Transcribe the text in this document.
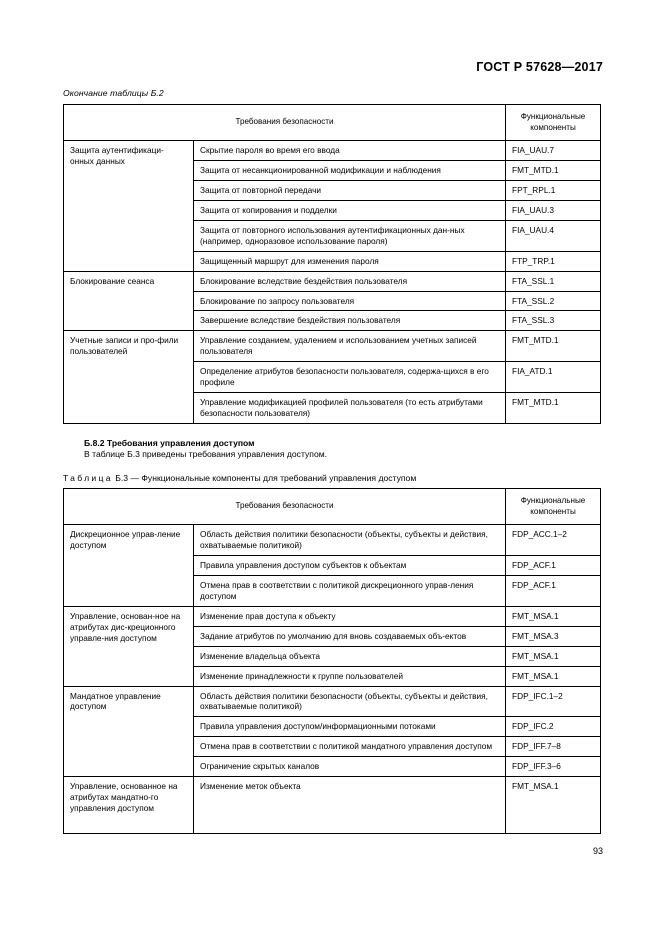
ГОСТ Р 57628—2017

Окончание таблицы Б.2

Требования безопасности		Функциональные компоненты
Защита аутентификаци-онных данных	Скрытие пароля во время его ввода	FIA_UAU.7
	Защита от несанкционированной модификации и наблюдения	FMT_MTD.1
	Защита от повторной передачи	FPT_RPL.1
	Защита от копирования и подделки	FIA_UAU.3
	Защита от повторного использования аутентификационных дан-ных (например, одноразовое использование пароля)	FIA_UAU.4
	Защищенный маршрут для изменения пароля	FTP_TRP.1
Блокирование сеанса	Блокирование вследствие бездействия пользователя	FTA_SSL.1
	Блокирование по запросу пользователя	FTA_SSL.2
	Завершение вследствие бездействия пользователя	FTA_SSL.3
Учетные записи и про-фили пользователей	Управление созданием, удалением и использованием учетных записей пользователя	FMT_MTD.1
	Определение атрибутов безопасности пользователя, содержа-щихся в его профиле	FIA_ATD.1
	Управление модификацией профилей пользователя (то есть атрибутами безопасности пользователя)	FMT_MTD.1

Б.8.2 Требования управления доступом

В таблице Б.3 приведены требования управления доступом.

Таблица Б.3 — Функциональные компоненты для требований управления доступом

Требования безопасности		Функциональные компоненты
Дискреционное управ-ление доступом	Область действия политики безопасности (объекты, субъекты и действия, охватываемые политикой)	FDP_ACC.1–2
	Правила управления доступом субъектов к объектам	FDP_ACF.1
	Отмена прав в соответствии с политикой дискреционного управ-ления доступом	FDP_ACF.1
Управление, основан-ное на атрибутах дис-креционного управле-ния доступом	Изменение прав доступа к объекту	FMT_MSA.1
	Задание атрибутов по умолчанию для вновь создаваемых объ-ектов	FMT_MSA.3
	Изменение владельца объекта	FMT_MSA.1
	Изменение принадлежности к группе пользователей	FMT_MSA.1
Мандатное управление доступом	Область действия политики безопасности (объекты, субъекты и действия, охватываемые политикой)	FDP_IFC.1–2
	Правила управления доступом/информационными потоками	FDP_IFC.2
	Отмена прав в соответствии с политикой мандатного управления доступом	FDP_IFF.7–8
	Ограничение скрытых каналов	FDP_IFF.3–6
Управление, основанное на атрибутах мандатно-го управления доступом	Изменение меток объекта	FMT_MSA.1
93
